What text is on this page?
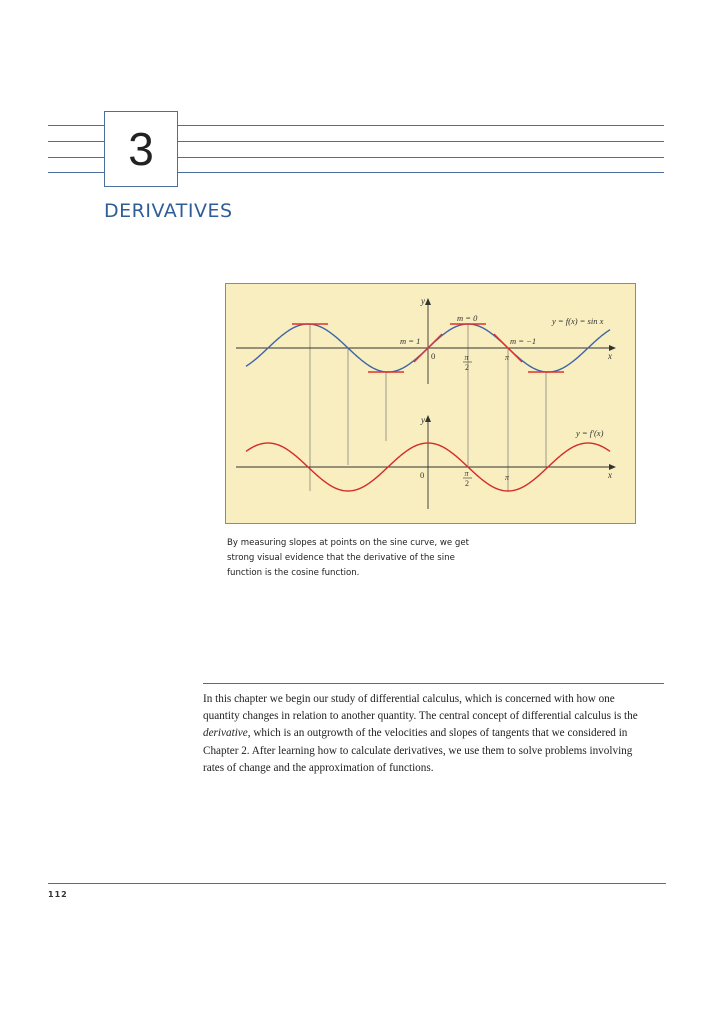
3
DERIVATIVES
y
x
y = f(x) = sin x
m = 1
m = 0
m = −1
0	π
2
π
y
x
y = f′(x)
0	π
2
π
By measuring slopes at points on the sine curve, we get strong visual evidence that the derivative of the sine function is the cosine function.
In this chapter we begin our study of differential calculus, which is concerned with how one quantity changes in relation to another quantity. The central concept of differential calculus is the derivative, which is an outgrowth of the velocities and slopes of tangents that we considered in Chapter 2. After learning how to calculate derivatives, we use them to solve problems involving rates of change and the approximation of functions.
112
